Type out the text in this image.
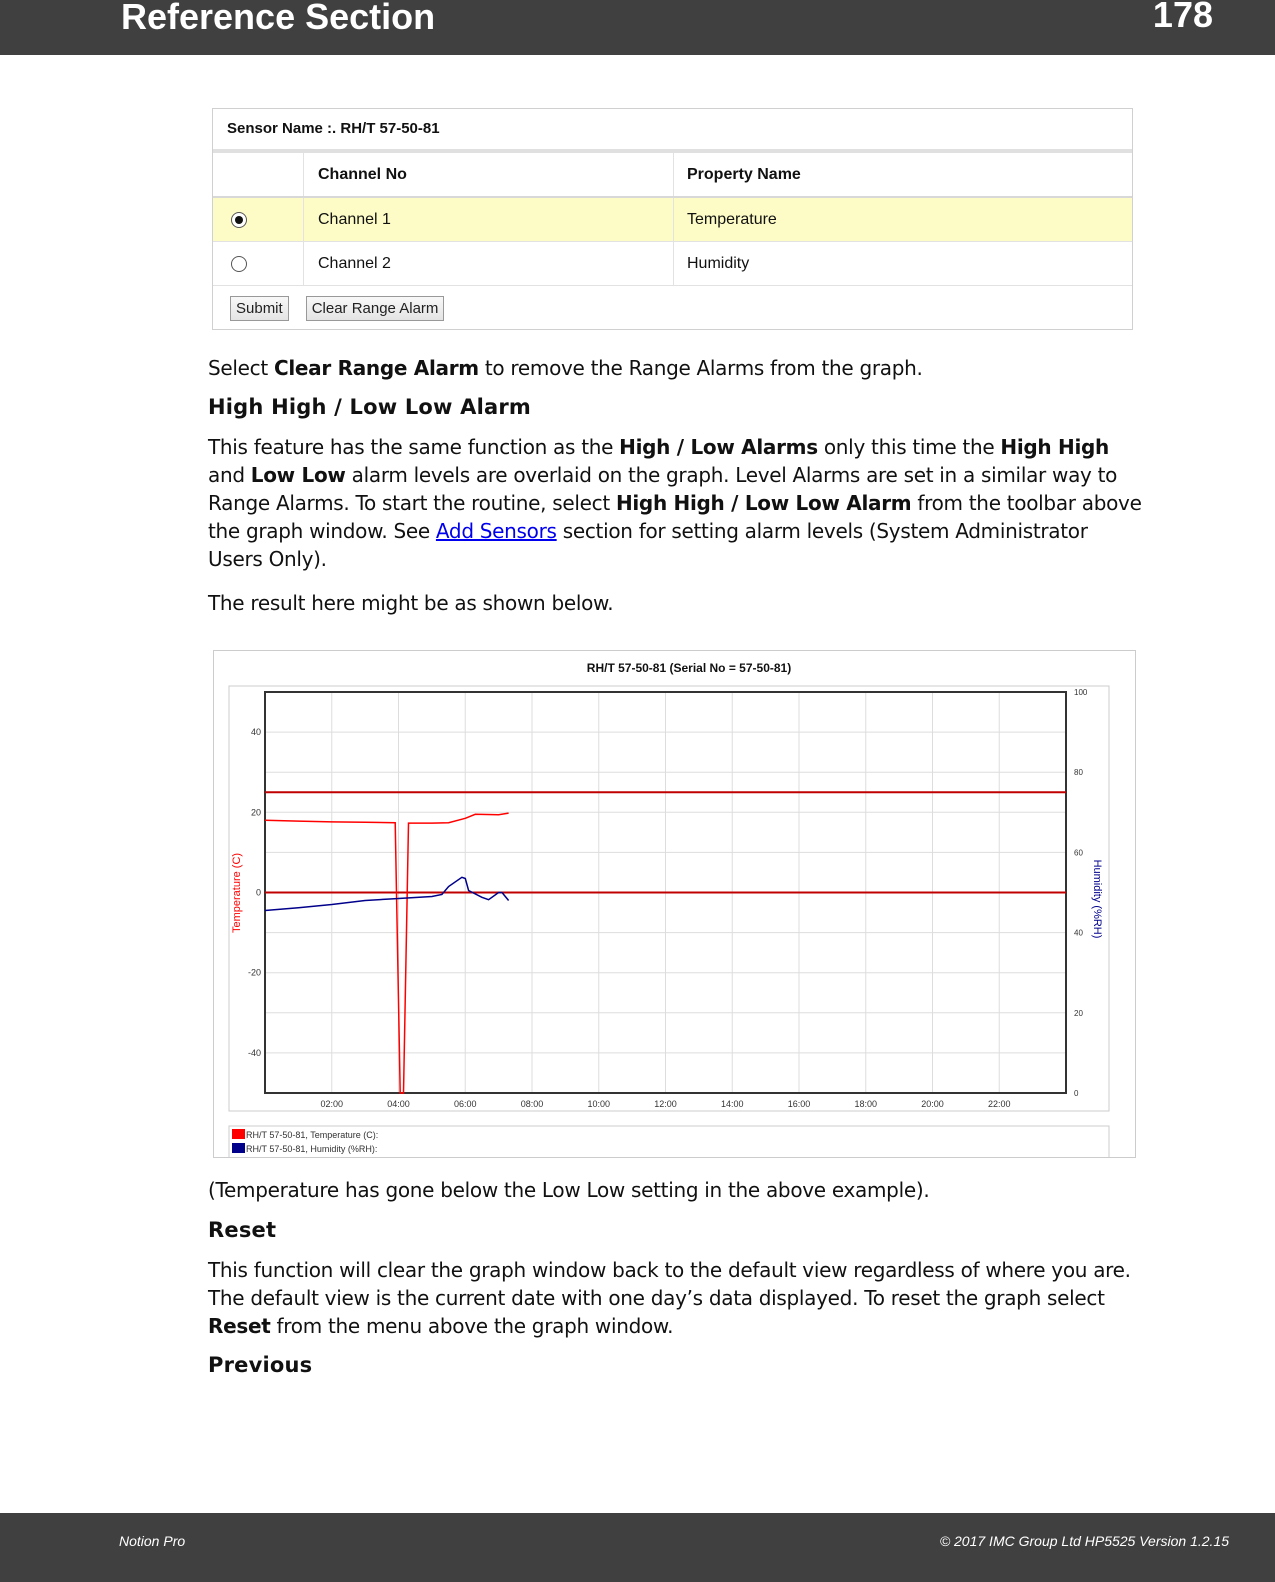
Reference Section	178
Sensor Name :. RH/T 57-50-81
Channel No	Property Name
Channel 1	Temperature
Channel 2	Humidity
Submit	Clear Range Alarm

Select Clear Range Alarm to remove the Range Alarms from the graph.

High High / Low Low Alarm

This feature has the same function as the High / Low Alarms only this time the High High and Low Low alarm levels are overlaid on the graph. Level Alarms are set in a similar way to Range Alarms. To start the routine, select High High / Low Low Alarm from the toolbar above the graph window. See Add Sensors section for setting alarm levels (System Administrator Users Only).

The result here might be as shown below.

RH/T 57-50-81 (Serial No = 57-50-81)
02:00	04:00	06:00	08:00	10:00	12:00	14:00	16:00	18:00	20:00	22:00
40
20
0
-20
-40
100
80
60
40
20
0
Temperature (C)	Humidity (%RH)
RH/T 57-50-81, Temperature (C):
RH/T 57-50-81, Humidity (%RH):

(Temperature has gone below the Low Low setting in the above example).

Reset

This function will clear the graph window back to the default view regardless of where you are. The default view is the current date with one day’s data displayed. To reset the graph select Reset from the menu above the graph window.

Previous

Notion Pro	© 2017 IMC Group Ltd HP5525 Version 1.2.15
